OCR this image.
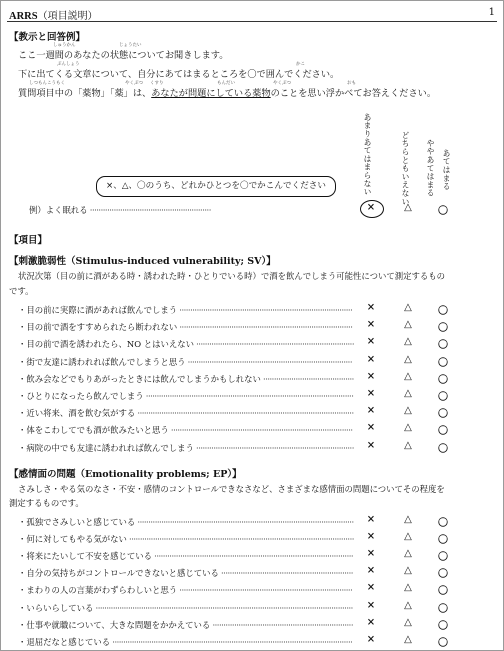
ARRS（項目説明）	1
【教示と回答例】
しゅうかん	じょうたい
ここ一週間のあなたの状態についてお聞きします。
ぶんしょう	かこ
下に出てくる文章について、自分にあてはまるところを〇で囲んでください。
しつもんこうもく	やくぶつ くすり	もんだい	やくぶつ	おも
質問項目中の「薬物」「薬」は、あなたが問題にしている薬物のことを思い浮かべてお答えください。
あまりあてはまらない	どちらともいえない ややあてはまる あてはまる
×、△、〇のうち、どれかひとつを〇でかこんでください
例）よく眠れる ························································	×	△	〇
【項目】
【刺激脆弱性（Stimulus-induced vulnerability; SV）】
状況次第（目の前に酒がある時・誘われた時・ひとりでいる時）で酒を飲んでしまう可能性について測定するもの
です。
・目の前に実際に酒があれば飲んでしまう ················································································	×	△	〇
・目の前で酒をすすめられたら断われない ················································································	×	△	〇
・目の前で酒を誘われたら、NO とはいえない ·········································································	×	△	〇
・街で友達に誘われれば飲んでしまうと思う ············································································	×	△	〇
・飲み会などでもりあがったときには飲んでしまうかもしれない ··········································	×	△	〇
・ひとりになったら飲んでしまう ································································································	×	△	〇
・近い将来、酒を飲む気がする ····································································································	×	△	〇
・体をこわしてでも酒が飲みたいと思う ····················································································	×	△	〇
・病院の中でも友達に誘われれば飲んでしまう ·········································································	×	△	〇
【感情面の問題（Emotionality problems; EP）】
さみしさ・やる気のなさ・不安・感情のコントロールできなさなど、さまざまな感情面の問題についてその程度を
測定するものです。
・孤独でさみしいと感じている ····································································································	×	△	〇
・何に対してもやる気がない ········································································································	×	△	〇
・将来にたいして不安を感じている ····························································································	×	△	〇
・自分の気持ちがコントロールできないと感じている ·····························································	×	△	〇
・まわりの人の言葉がわずらわしいと思う ················································································	×	△	〇
・いらいらしている ·······················································································································	×	△	〇
・仕事や就職について、大きな問題をかかえている ·································································	×	△	〇
・退屈だなと感じている ···············································································································	×	△	〇
